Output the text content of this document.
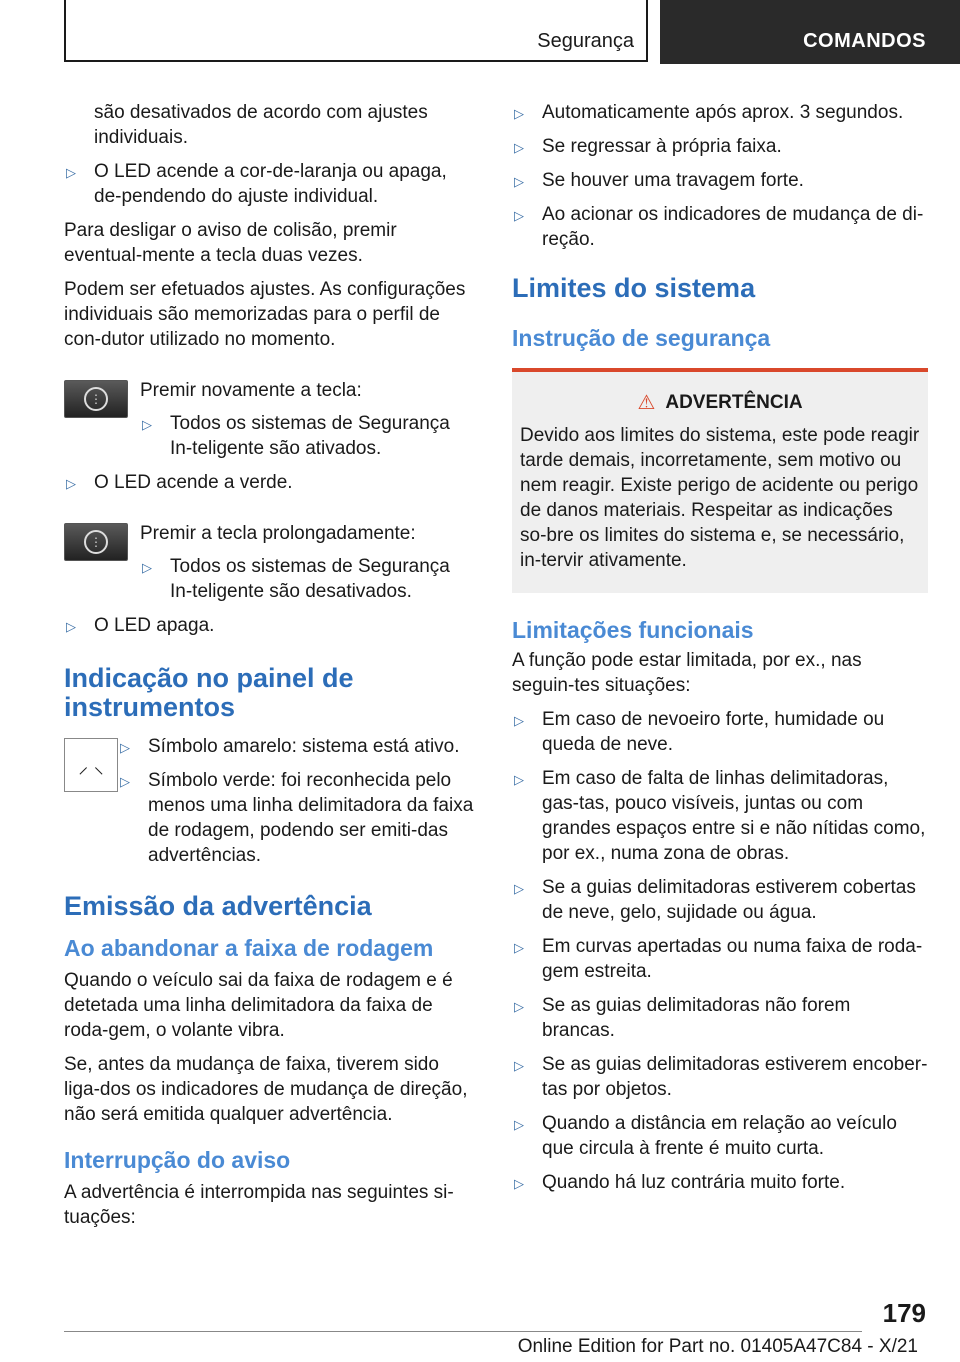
Segurança	COMANDOS

são desativados de acordo com ajustes individuais.

▷ O LED acende a cor-de-laranja ou apaga, de-pendendo do ajuste individual.

Para desligar o aviso de colisão, premir eventual-mente a tecla duas vezes.

Podem ser efetuados ajustes. As configurações individuais são memorizadas para o perfil de con-dutor utilizado no momento.

⋮	Premir novamente a tecla:

▷ Todos os sistemas de Segurança In-teligente são ativados.
▷ O LED acende a verde.
⋮	Premir a tecla prolongadamente:

▷ Todos os sistemas de Segurança In-teligente são desativados.
▷ O LED apaga.
Indicação no painel de instrumentos
⸝ ⸜
▷ Símbolo amarelo: sistema está ativo.
▷ Símbolo verde: foi reconhecida pelo menos uma linha delimitadora da faixa de rodagem, podendo ser emiti-das advertências.
Emissão da advertência
Ao abandonar a faixa de rodagem

Quando o veículo sai da faixa de rodagem e é detetada uma linha delimitadora da faixa de roda-gem, o volante vibra.

Se, antes da mudança de faixa, tiverem sido liga-dos os indicadores de mudança de direção, não será emitida qualquer advertência.

Interrupção do aviso

A advertência é interrompida nas seguintes si-tuações:

▷ Automaticamente após aprox. 3 segundos.
▷ Se regressar à própria faixa.
▷ Se houver uma travagem forte.
▷ Ao acionar os indicadores de mudança de di-reção.
Limites do sistema
Instrução de segurança
⚠ ADVERTÊNCIA

Devido aos limites do sistema, este pode reagir tarde demais, incorretamente, sem motivo ou nem reagir. Existe perigo de acidente ou perigo de danos materiais. Respeitar as indicações so-bre os limites do sistema e, se necessário, in-tervir ativamente.

Limitações funcionais

A função pode estar limitada, por ex., nas seguin-tes situações:

▷ Em caso de nevoeiro forte, humidade ou queda de neve.
▷ Em caso de falta de linhas delimitadoras, gas-tas, pouco visíveis, juntas ou com grandes espaços entre si e não nítidas como, por ex., numa zona de obras.
▷ Se a guias delimitadoras estiverem cobertas de neve, gelo, sujidade ou água.
▷ Em curvas apertadas ou numa faixa de roda-gem estreita.
▷ Se as guias delimitadoras não forem brancas.
▷ Se as guias delimitadoras estiverem encober-tas por objetos.
▷ Quando a distância em relação ao veículo que circula à frente é muito curta.
▷ Quando há luz contrária muito forte.
179
Online Edition for Part no. 01405A47C84 - X/21
